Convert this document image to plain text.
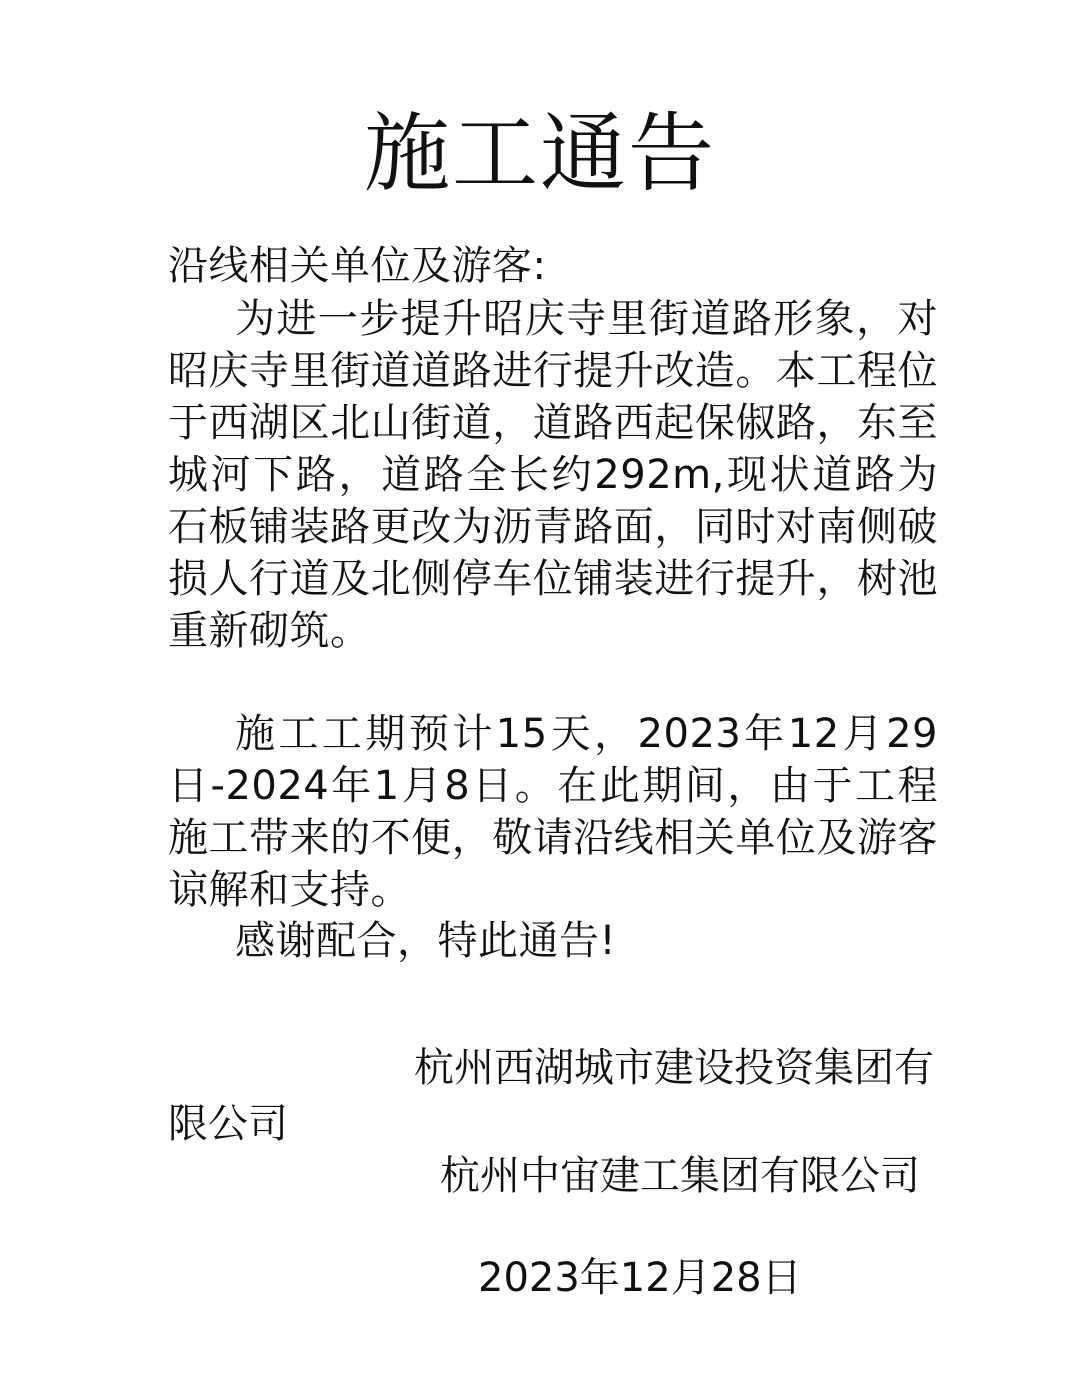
施工通告
沿线相关单位及游客:
为进一步提升昭庆寺里街道路形象，对昭庆寺里街道道路进行提升改造。本工程位于西湖区北山街道，道路西起保俶路，东至城河下路，道路全长约292m,现状道路为石板铺装路更改为沥青路面，同时对南侧破损人行道及北侧停车位铺装进行提升，树池重新砌筑。
施工工期预计15天，2023年12月29日-2024年1月8日。在此期间，由于工程施工带来的不便，敬请沿线相关单位及游客谅解和支持。
感谢配合，特此通告!
杭州西湖城市建设投资集团有限公司
杭州中宙建工集团有限公司
2023年12月28日
